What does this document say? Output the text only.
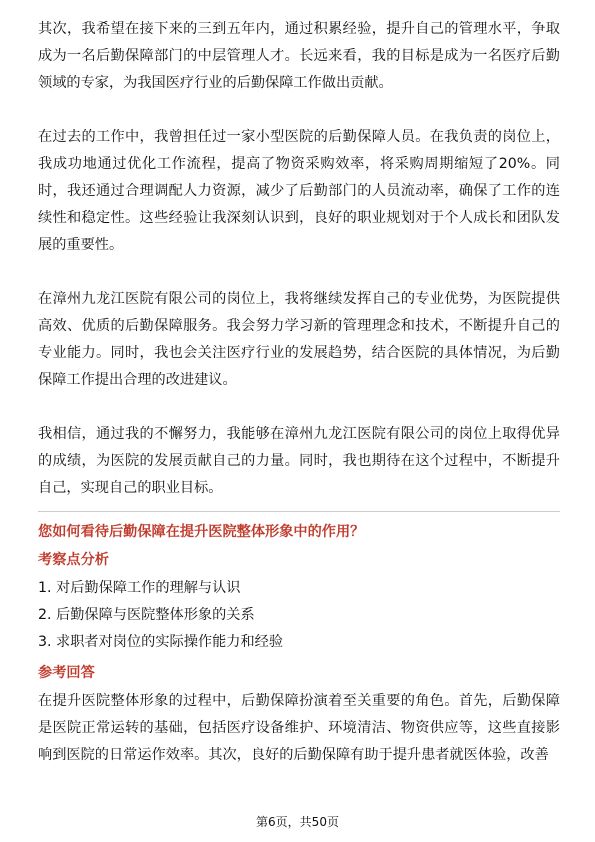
其次，我希望在接下来的三到五年内，通过积累经验，提升自己的管理水平，争取成为一名后勤保障部门的中层管理人才。长远来看，我的目标是成为一名医疗后勤领域的专家，为我国医疗行业的后勤保障工作做出贡献。

在过去的工作中，我曾担任过一家小型医院的后勤保障人员。在我负责的岗位上，我成功地通过优化工作流程，提高了物资采购效率，将采购周期缩短了20%。同时，我还通过合理调配人力资源，减少了后勤部门的人员流动率，确保了工作的连续性和稳定性。这些经验让我深刻认识到，良好的职业规划对于个人成长和团队发展的重要性。

在漳州九龙江医院有限公司的岗位上，我将继续发挥自己的专业优势，为医院提供高效、优质的后勤保障服务。我会努力学习新的管理理念和技术，不断提升自己的专业能力。同时，我也会关注医疗行业的发展趋势，结合医院的具体情况，为后勤保障工作提出合理的改进建议。

我相信，通过我的不懈努力，我能够在漳州九龙江医院有限公司的岗位上取得优异的成绩，为医院的发展贡献自己的力量。同时，我也期待在这个过程中，不断提升自己，实现自己的职业目标。

您如何看待后勤保障在提升医院整体形象中的作用？

考察点分析

1. 对后勤保障工作的理解与认识

2. 后勤保障与医院整体形象的关系

3. 求职者对岗位的实际操作能力和经验

参考回答

在提升医院整体形象的过程中，后勤保障扮演着至关重要的角色。首先，后勤保障是医院正常运转的基础，包括医疗设备维护、环境清洁、物资供应等，这些直接影响到医院的日常运作效率。其次，良好的后勤保障有助于提升患者就医体验，改善

第6页，共50页
